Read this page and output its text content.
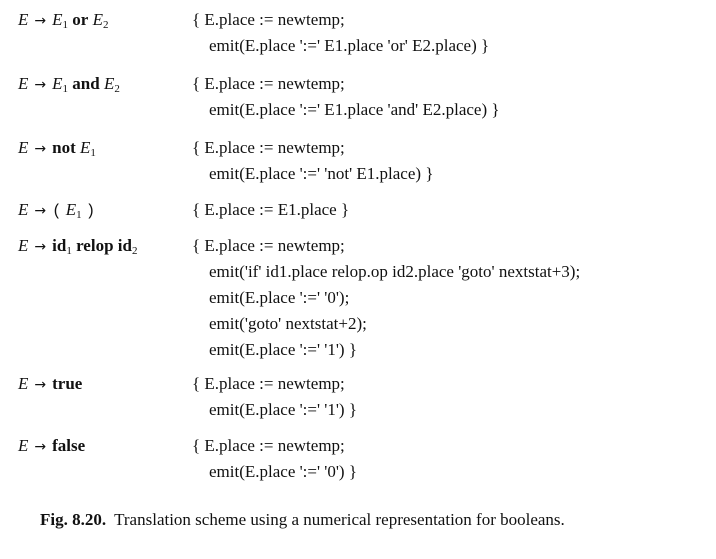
$E \to E_1$ or $E_2$	{ E.place := newtemp;
emit(E.place ':=' E1.place 'or' E2.place) }
$E \to E_1$ and $E_2$	{ E.place := newtemp;
emit(E.place ':=' E1.place 'and' E2.place) }
E → not $E_1$	{ E.place := newtemp;
emit(E.place ':=' 'not' E1.place) }
E → ( $E_1$ )	{ E.place := E1.place }
$E \to id_1$ relop $id_2$	{ E.place := newtemp;
emit('if' id1.place relop.op id2.place 'goto' nextstat+3);
emit(E.place ':=' '0');
emit('goto' nextstat+2);
emit(E.place ':=' '1') }
E → true	{ E.place := newtemp;
emit(E.place ':=' '1') }
E → false	{ E.place := newtemp;
emit(E.place ':=' '0') }
Fig. 8.20. Translation scheme using a numerical representation for booleans.
